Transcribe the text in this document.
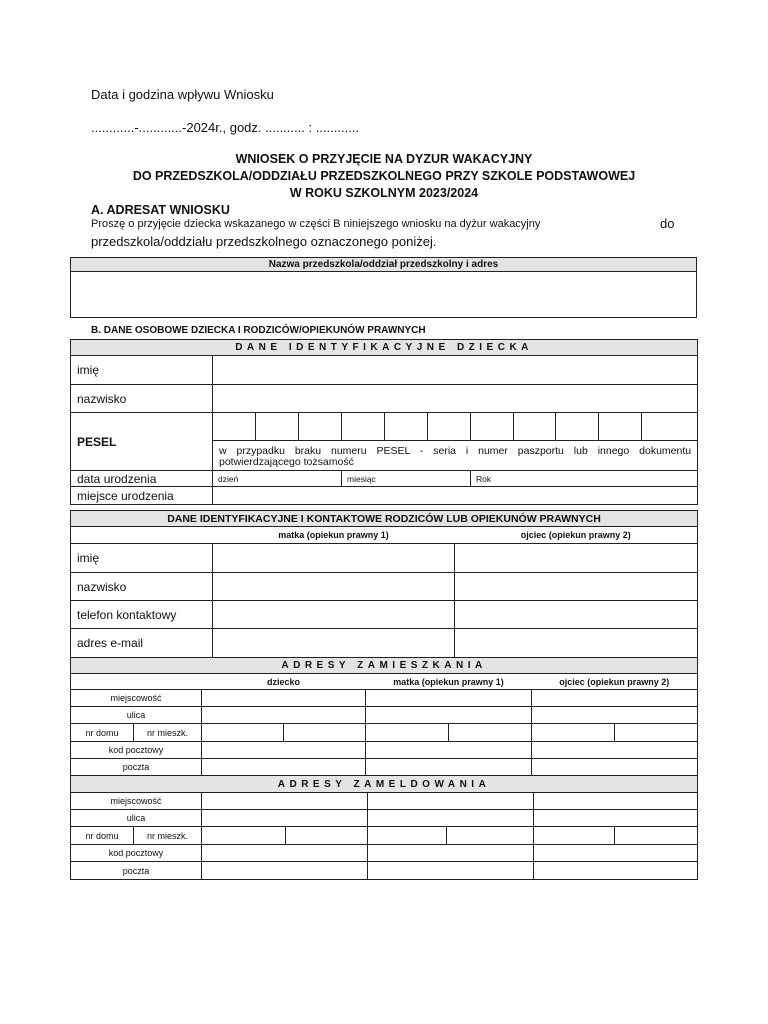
Data i godzina wpływu Wniosku
............-............-2024r., godz. ........... : ............
WNIOSEK O PRZYJĘCIE NA DYZUR WAKACYJNY
DO PRZEDSZKOLA/ODDZIAŁU PRZEDSZKOLNEGO PRZY SZKOLE PODSTAWOWEJ
W ROKU SZKOLNYM 2023/2024
A. ADRESAT WNIOSKU
Proszę o przyjęcie dziecka wskazanego w części B niniejszego wniosku na dyżur wakacyjny	do
przedszkola/oddziału przedszkolnego oznaczonego poniżej.
Nazwa przedszkola/oddział przedszkolny i adres

B. DANE OSOBOWE DZIECKA I RODZICÓW/OPIEKUNÓW PRAWNYCH
DANE IDENTYFIKACYJNE DZIECKA											
imię											
nazwisko											
PESEL											
	w przypadku braku numeru PESEL - seria i numer paszportu lub innego dokumentu potwierdzającego tożsamość										
data urodzenia	dzień			miesiąc			Rok				
miejsce urodzenia											
DANE IDENTYFIKACYJNE I KONTAKTOWE RODZICÓW LUB OPIEKUNÓW PRAWNYCH		
	matka (opiekun prawny 1)	ojciec (opiekun prawny 2)
imię		
nazwisko		
telefon kontaktowy		
adres e-mail		
ADRESY ZAMIESZKANIA							
		dziecko		matka (opiekun prawny 1)		ojciec (opiekun prawny 2)	
miejscowość							
ulica							
nr domu	nr mieszk.						
kod pocztowy							
poczta							
ADRESY ZAMELDOWANIA							
miejscowość							
ulica							
nr domu	nr mieszk.						
kod pocztowy							
poczta							
